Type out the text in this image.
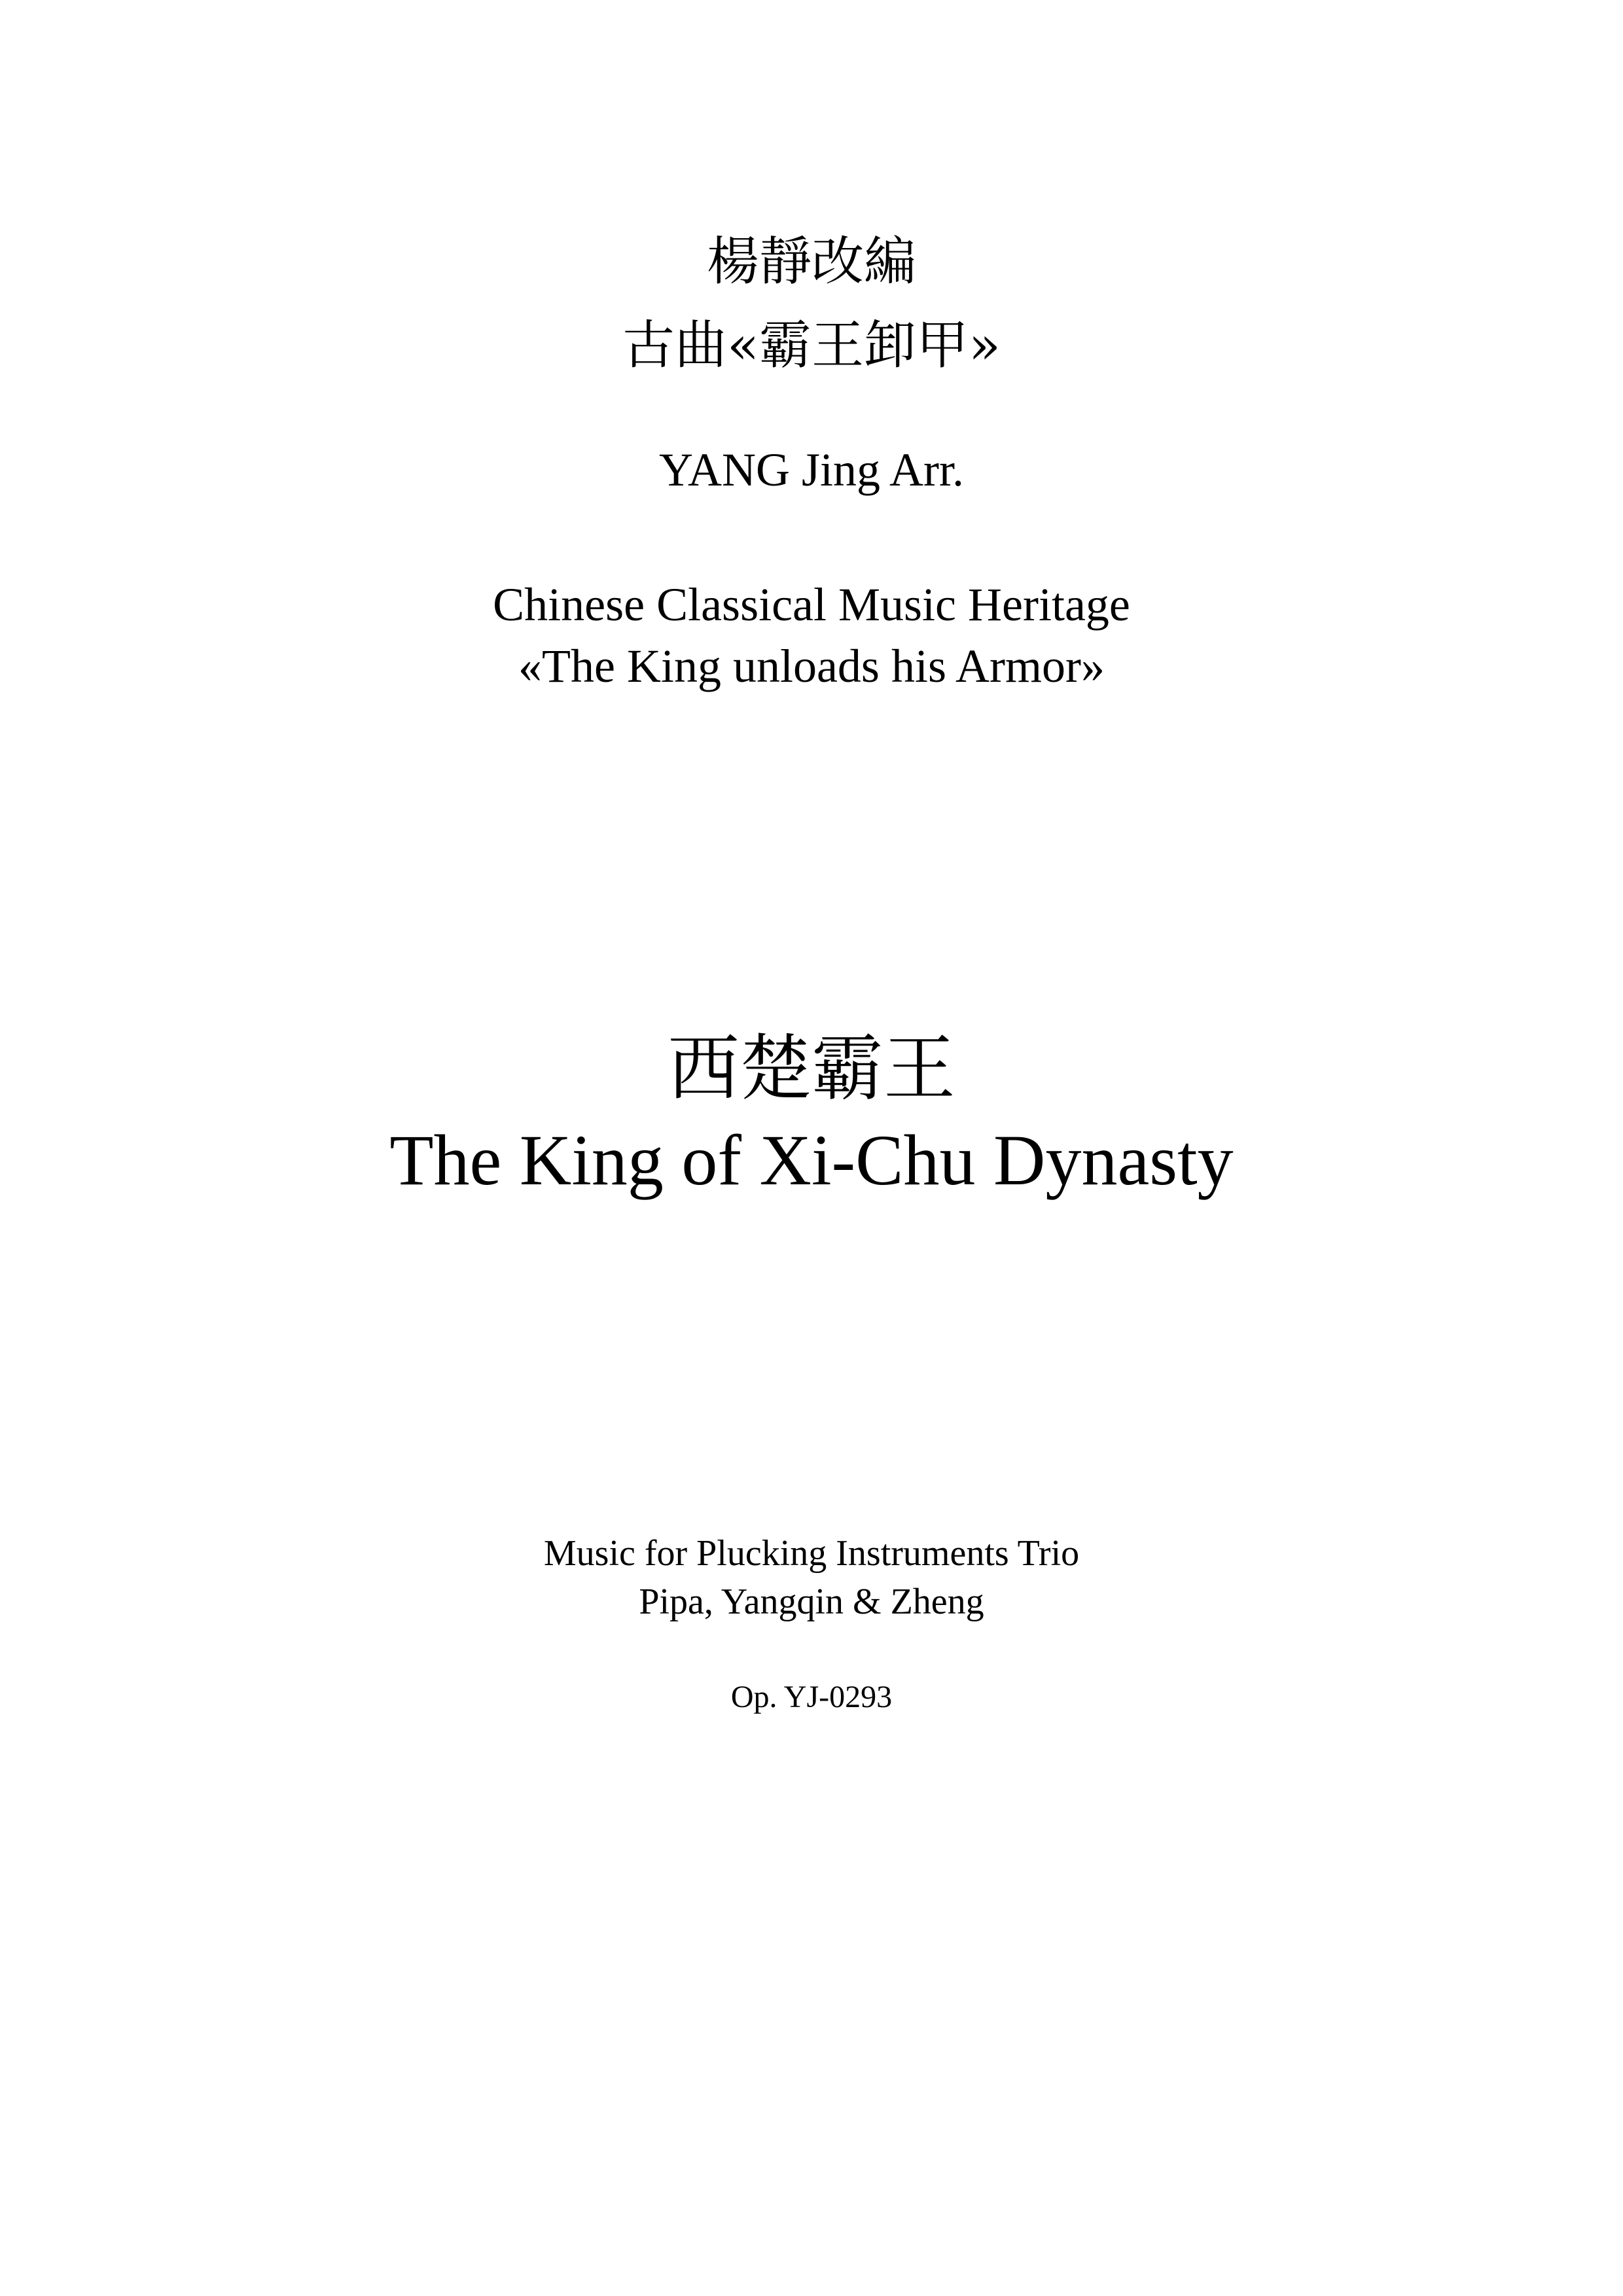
楊靜改編
古曲«霸王卸甲»
YANG Jing Arr.
Chinese Classical Music Heritage
«The King unloads his Armor»
西楚霸王
The King of Xi-Chu Dynasty
Music for Plucking Instruments Trio
Pipa, Yangqin & Zheng
Op. YJ-0293
